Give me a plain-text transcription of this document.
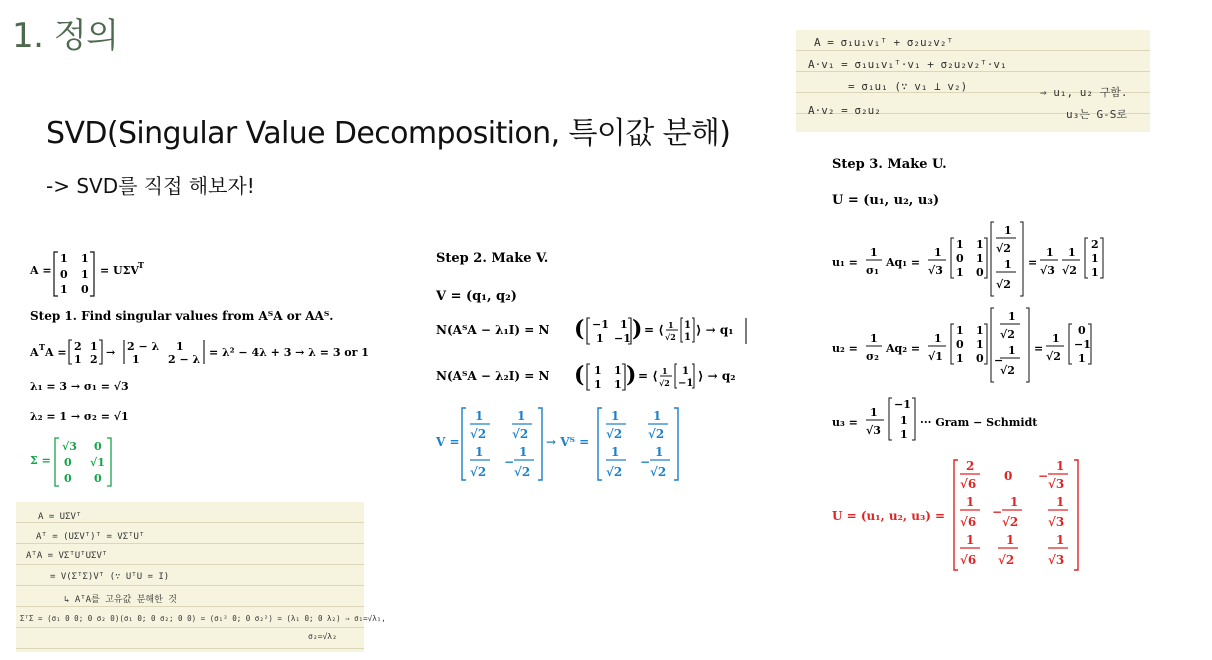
1. 정의
SVD(Singular Value Decomposition, 특이값 분해)
-> SVD를 직접 해보자!
A = σ₁u₁v₁ᵀ + σ₂u₂v₂ᵀ
A·v₁ = σ₁u₁v₁ᵀ·v₁ + σ₂u₂v₂ᵀ·v₁
= σ₁u₁ (∵ v₁ ⊥ v₂)
A·v₂ = σ₂u₂
⇒ u₁, u₂ 구함.
u₃는 G-S로
A = UΣVᵀ
Aᵀ = (UΣVᵀ)ᵀ = VΣᵀUᵀ
AᵀA = VΣᵀUᵀUΣVᵀ
= V(ΣᵀΣ)Vᵀ (∵ UᵀU = I)
↳ AᵀA를 고유값 분해한 것
ΣᵀΣ = (σ₁ 0 0; 0 σ₂ 0)(σ₁ 0; 0 σ₂; 0 0) = (σ₁² 0; 0 σ₂²) = (λ₁ 0; 0 λ₂) ⇒ σ₁=√λ₁,
σ₂=√λ₂
A =
1 1
0 1
1 0
= UΣV T
Step 1. Find singular values from AᵀA or AAᵀ.
A T A = 2 1
1 2
→ 2 − λ 1
1	2 − λ
= λ² − 4λ + 3 → λ = 3 or 1
λ₁ = 3 → σ₁ = √3
λ₂ = 1 → σ₂ = √1
Σ =
√3 0
0 √1
0 0
Step 2. Make V.
V = (q₁, q₂)
N(AᵀA − λ₁I) = N ( −1 1
1 −1 ) = ⟨ 1
√2
1
1
⟩ → q₁
N(AᵀA − λ₂I) = N ( 1 1
1 1 ) = ⟨ 1
√2
1
−1
⟩ → q₂
V =
1
√2
1
√2
1
√2
−
1
√2
→ Vᵀ =
1
√2
1
√2
1
√2
−
1
√2
Step 3. Make U.
U = (u₁, u₂, u₃)
u₁ =
1
σ₁
Aq₁ =
1
√3
1 1
0 1
1 0
1
√2
1
√2
=
1
√3
1
√2
2
1
1
u₂ =
1
σ₂
Aq₂ =
1
√1
1 1
0 1
1 0
1
√2
−
1
√2
=
1
√2
0
−1
1
u₃ =
1
√3
−1
1
1
··· Gram − Schmidt
U = (u₁, u₂, u₃) =
2
√6
0 −
1
√3
1
√6
−
1
√2
1
√3
1
√6
1
√2
1
√3
